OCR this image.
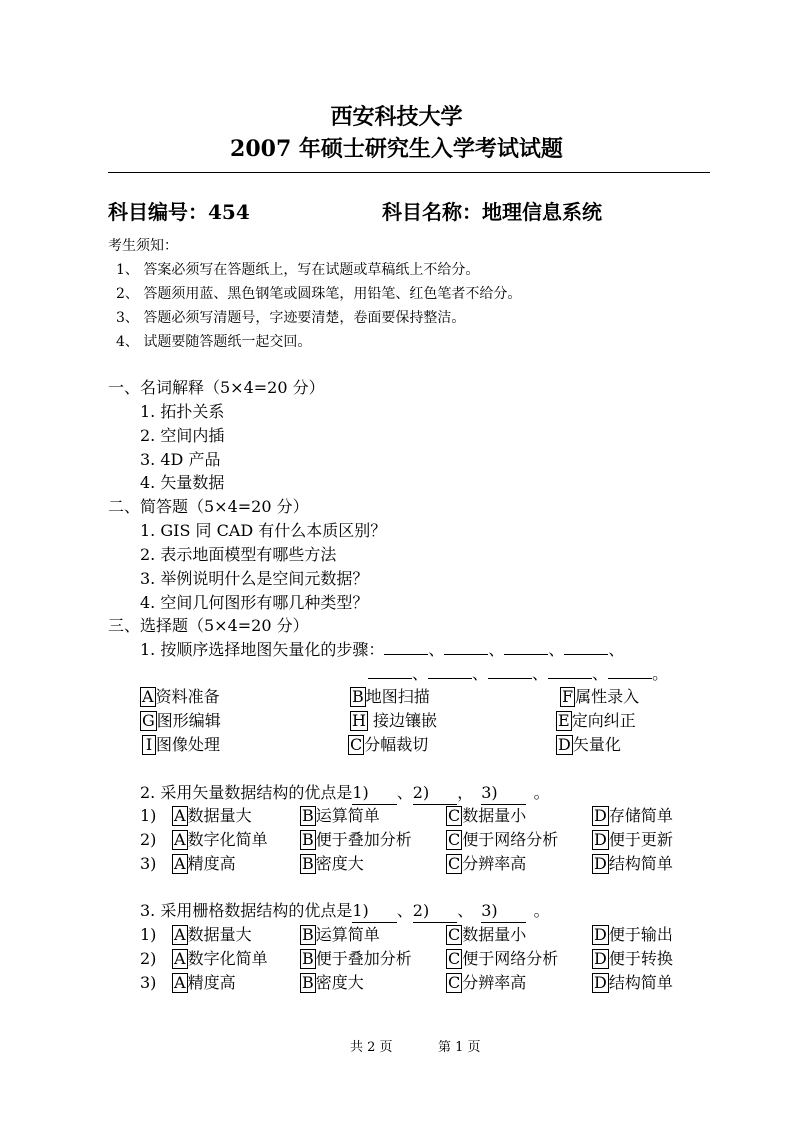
西安科技大学
2007 年硕士研究生入学考试试题
科目编号：454	科目名称：地理信息系统
考生须知：
1、 答案必须写在答题纸上，写在试题或草稿纸上不给分。
2、 答题须用蓝、黑色钢笔或圆珠笔，用铅笔、红色笔者不给分。
3、 答题必须写清题号，字迹要清楚，卷面要保持整洁。
4、 试题要随答题纸一起交回。
一、名词解释（5×4=20 分）
1. 拓扑关系
2. 空间内插
3. 4D 产品
4. 矢量数据
二、简答题（5×4=20 分）
1. GIS 同 CAD 有什么本质区别？
2. 表示地面模型有哪些方法
3. 举例说明什么是空间元数据？
4. 空间几何图形有哪几种类型？
三、选择题（5×4=20 分）
1. 按顺序选择地图矢量化的步骤：	、	、	、	、
、	、	、	、	。
A 资料准备	B 地图扫描	F 属性录入
G 图形编辑	H 接边镶嵌	E 定向纠正
I 图像处理	C 分幅裁切	D 矢量化
2. 采用矢量数据结构的优点是1) 、2) ， 3) 。
1) A 数据量大	B 运算简单	C 数据量小	D 存储简单
2) A 数字化简单 B 便于叠加分析 C 便于网络分析 D 便于更新
3) A 精度高	B 密度大	C 分辨率高	D 结构简单
3. 采用栅格数据结构的优点是1) 、2) 、 3) 。
1) A 数据量大	B 运算简单	C 数据量小	D 便于输出
2) A 数字化简单 B 便于叠加分析 C 便于网络分析 D 便于转换
3) A 精度高	B 密度大	C 分辨率高	D 结构简单
共 2 页	第 1 页
